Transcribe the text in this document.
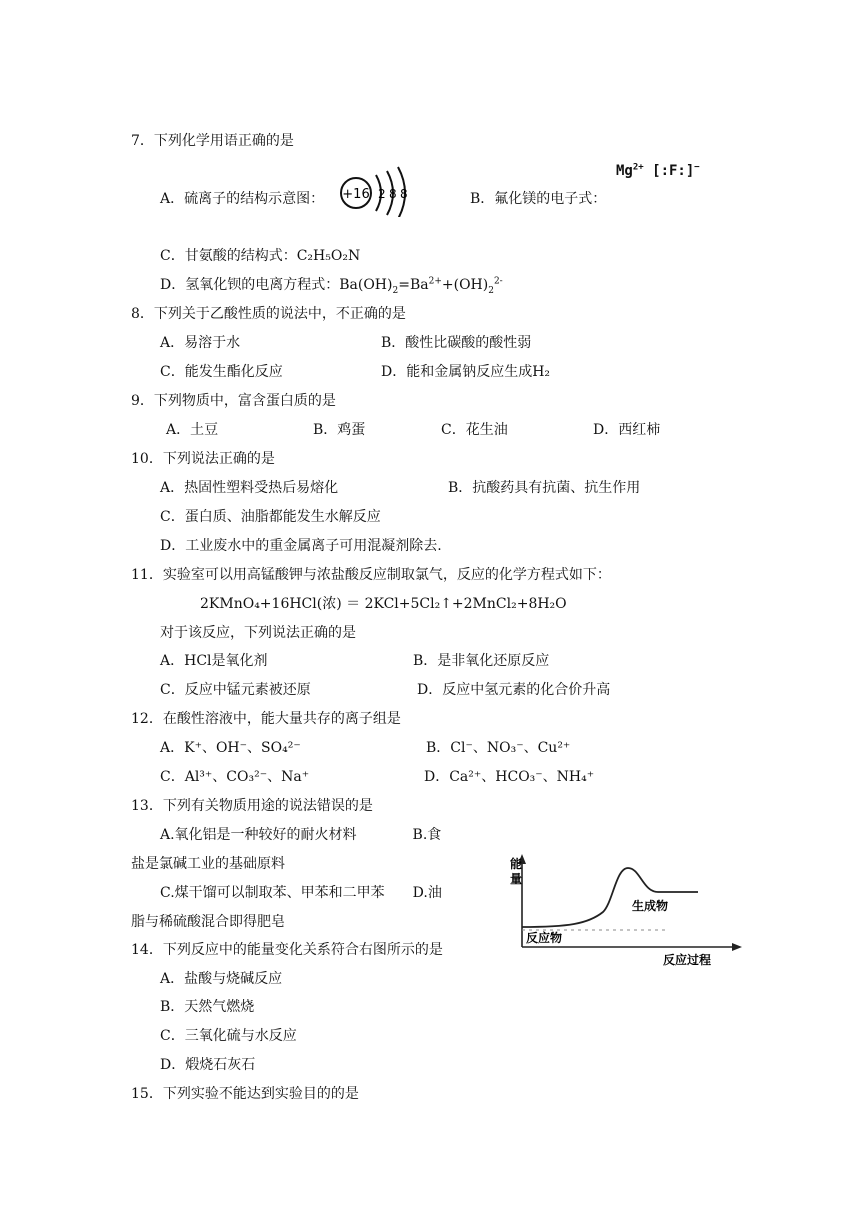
7．下列化学用语正确的是
A．硫离子的结构示意图： +16 2 8 8	B．氟化镁的电子式：
$Mg^{2+}$ [:F:]−
C．甘氨酸的结构式：C₂H₅O₂N
D．氢氧化钡的电离方程式：$Ba(OH)_2=Ba^{2+}+(OH)_2^{2-}$
8．下列关于乙酸性质的说法中，不正确的是
A．易溶于水	B．酸性比碳酸的酸性弱
C．能发生酯化反应	D．能和金属钠反应生成H₂
9．下列物质中，富含蛋白质的是
A．土豆	B．鸡蛋	C．花生油	D．西红柿
10．下列说法正确的是
A．热固性塑料受热后易熔化	B．抗酸药具有抗菌、抗生作用
C．蛋白质、油脂都能发生水解反应
D．工业废水中的重金属离子可用混凝剂除去.
11．实验室可以用高锰酸钾与浓盐酸反应制取氯气，反应的化学方程式如下：
2KMnO₄+16HCl(浓) ＝ 2KCl+5Cl₂↑+2MnCl₂+8H₂O
对于该反应，下列说法正确的是
A．HCl是氧化剂	B．是非氧化还原反应
C．反应中锰元素被还原	D．反应中氢元素的化合价升高
12．在酸性溶液中，能大量共存的离子组是
A．K⁺、OH⁻、SO₄²⁻	B．Cl⁻、NO₃⁻、Cu²⁺
C．Al³⁺、CO₃²⁻、Na⁺	D．Ca²⁺、HCO₃⁻、NH₄⁺
13．下列有关物质用途的说法错误的是
A.氧化铝是一种较好的耐火材料　　　　B.食
盐是氯碱工业的基础原料
C.煤干馏可以制取苯、甲苯和二甲苯　　D.油
脂与稀硫酸混合即得肥皂
能
量
生成物
反应物
反应过程
14．下列反应中的能量变化关系符合右图所示的是
A．盐酸与烧碱反应
B．天然气燃烧
C．三氧化硫与水反应
D．煅烧石灰石
15．下列实验不能达到实验目的的是
